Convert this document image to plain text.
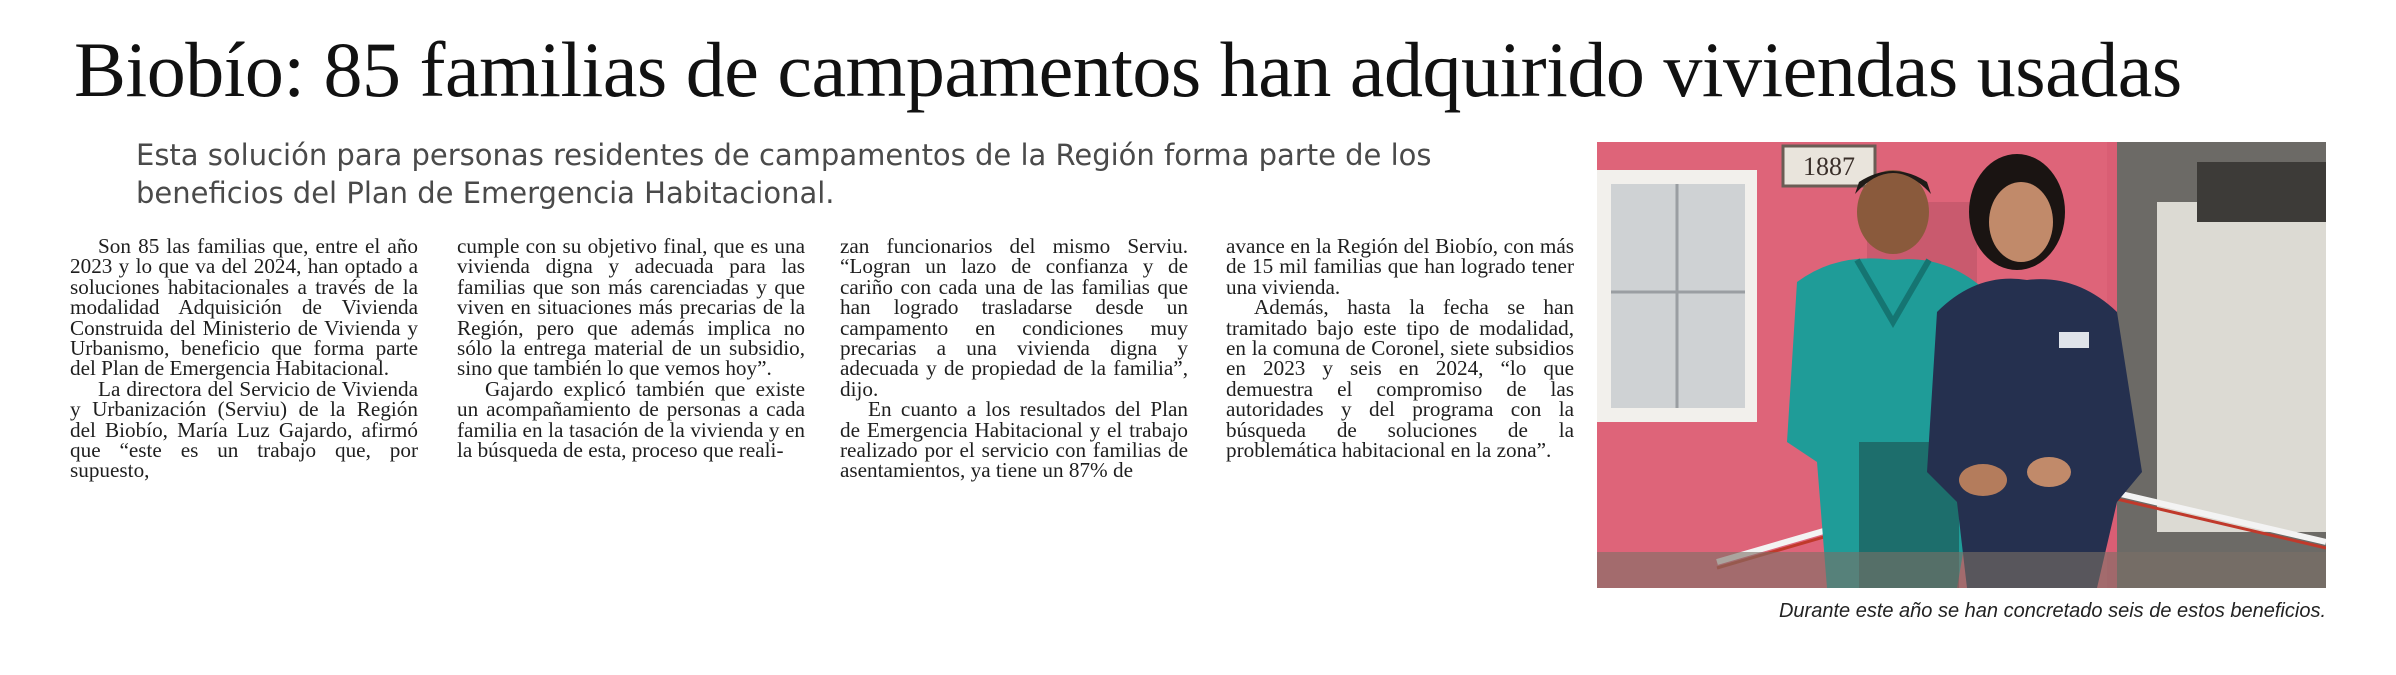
Biobío: 85 familias de campamentos han adquirido viviendas usadas

Esta solución para personas residentes de campamentos de la Región forma parte de los beneficios del Plan de Emergencia Habitacional.

Son 85 las familias que, entre el año 2023 y lo que va del 2024, han optado a soluciones habitacionales a través de la modalidad Adquisición de Vivienda Construida del Ministerio de Vivienda y Urbanismo, beneficio que forma parte del Plan de Emergencia Habitacional.

La directora del Servicio de Vivienda y Urbanización (Serviu) de la Región del Biobío, María Luz Gajardo, afirmó que “este es un trabajo que, por supuesto,

cumple con su objetivo final, que es una vivienda digna y adecuada para las familias que son más carenciadas y que viven en situaciones más precarias de la Región, pero que además implica no sólo la entrega material de un subsidio, sino que también lo que vemos hoy”.

Gajardo explicó también que existe un acompañamiento de personas a cada familia en la tasación de la vivienda y en la búsqueda de esta, proceso que reali-

zan funcionarios del mismo Serviu. “Logran un lazo de confianza y de cariño con cada una de las familias que han logrado trasladarse desde un campamento en condiciones muy precarias a una vivienda digna y adecuada y de propiedad de la familia”, dijo.

En cuanto a los resultados del Plan de Emergencia Habitacional y el trabajo realizado por el servicio con familias de asentamientos, ya tiene un 87% de

avance en la Región del Biobío, con más de 15 mil familias que han logrado tener una vivienda.

Además, hasta la fecha se han tramitado bajo este tipo de modalidad, en la comuna de Coronel, siete subsidios en 2023 y seis en 2024, “lo que demuestra el compromiso de las autoridades y del programa con la búsqueda de soluciones de la problemática habitacional en la zona”.

1887

Durante este año se han concretado seis de estos beneficios.
